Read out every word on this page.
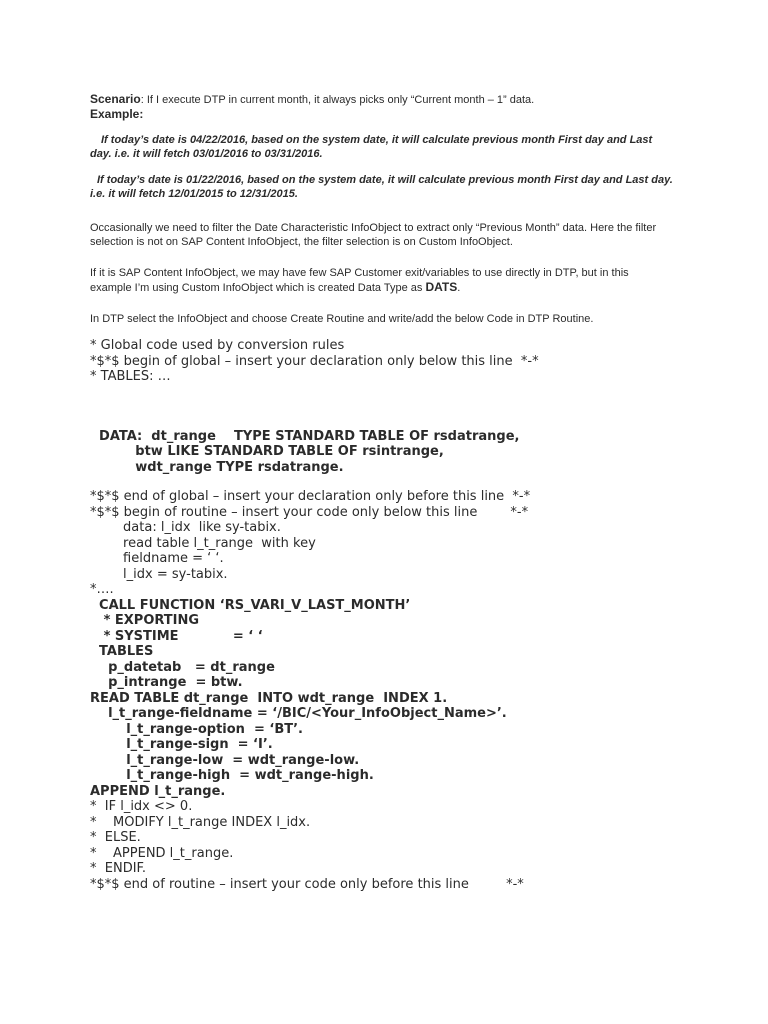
Scenario: If I execute DTP in current month, it always picks only “Current month – 1” data.

Example:

If today’s date is 04/22/2016, based on the system date, it will calculate previous month First day and Last day. i.e. it will fetch 03/01/2016 to 03/31/2016.

If today’s date is 01/22/2016, based on the system date, it will calculate previous month First day and Last day. i.e. it will fetch 12/01/2015 to 12/31/2015.

Occasionally we need to filter the Date Characteristic InfoObject to extract only “Previous Month” data. Here the filter selection is not on SAP Content InfoObject, the filter selection is on Custom InfoObject.

If it is SAP Content InfoObject, we may have few SAP Customer exit/variables to use directly in DTP, but in this example I’m using Custom InfoObject which is created Data Type as DATS.

In DTP select the InfoObject and choose Create Routine and write/add the below Code in DTP Routine.

* Global code used by conversion rules
*$*$ begin of global – insert your declaration only below this line  *-*
* TABLES: …
DATA:  dt_range    TYPE STANDARD TABLE OF rsdatrange,
btw LIKE STANDARD TABLE OF rsintrange,
wdt_range TYPE rsdatrange.
*$*$ end of global – insert your declaration only before this line  *-*
*$*$ begin of routine – insert your code only below this line        *-*
data: l_idx  like sy-tabix.
read table l_t_range  with key
fieldname = ‘ ‘.
l_idx = sy-tabix.
*….
CALL FUNCTION ‘RS_VARI_V_LAST_MONTH’
* EXPORTING
* SYSTIME            = ‘ ‘
TABLES
p_datetab   = dt_range
p_intrange  = btw.
READ TABLE dt_range  INTO wdt_range  INDEX 1.
l_t_range-fieldname = ‘/BIC/<Your_InfoObject_Name>’.
l_t_range-option  = ‘BT’.
l_t_range-sign  = ‘I’.
l_t_range-low  = wdt_range-low.
l_t_range-high  = wdt_range-high.
APPEND l_t_range.
*  IF l_idx <> 0.
*    MODIFY l_t_range INDEX l_idx.
*  ELSE.
*    APPEND l_t_range.
*  ENDIF.
*$*$ end of routine – insert your code only before this line         *-*
